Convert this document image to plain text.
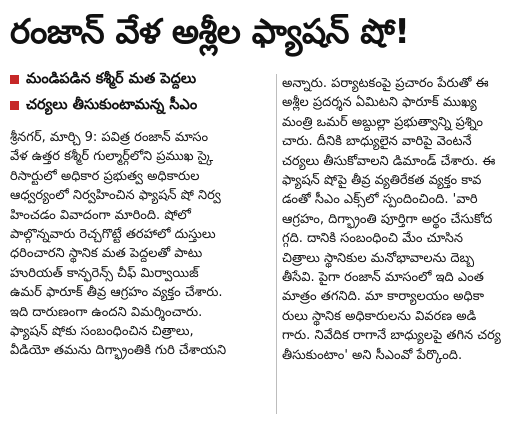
రంజాన్ వేళ అశ్లీల ఫ్యాషన్ షో!
మండిపడిన కశ్మీర్ మత పెద్దలు
చర్యలు తీసుకుంటామన్న సీఎం

శ్రీనగర్, మార్చి 9: పవిత్ర రంజాన్ మాసం
వేళ ఉత్తర కశ్మీర్ గుల్మార్గ్‌లోని ప్రముఖ స్కై
రిసార్టులో అధికార ప్రభుత్వ అధికారుల
ఆధ్వర్యంలో నిర్వహించిన ఫ్యాషన్ షో నిర్వ
హించడం వివాదంగా మారింది. షోలో
పాల్గొన్నవారు రెచ్చగొట్టే తరహాలో దుస్తులు
ధరించారని స్థానిక మత పెద్దలతో పాటు
హురియత్ కాన్ఫరెన్స్ చీఫ్ మిర్వాయిజ్
ఉమర్ ఫారూక్ తీవ్ర ఆగ్రహం వ్యక్తం చేశారు.
ఇది దారుణంగా ఉందని విమర్శించారు.
ఫ్యాషన్ షోకు సంబంధించిన చిత్రాలు,
వీడియో తమను దిగ్భ్రాంతికి గురి చేశాయని

అన్నారు. పర్యాటకంపై ప్రచారం పేరుతో ఈ
అశ్లీల ప్రదర్శన ఏమిటని ఫారూక్ ముఖ్య
మంత్రి ఒమర్ అబ్దుల్లా ప్రభుత్వాన్ని ప్రశ్నిం
చారు. దీనికి బాధ్యులైన వారిపై వెంటనే
చర్యలు తీసుకోవాలని డిమాండ్ చేశారు. ఈ
ఫ్యాషన్ షోపై తీవ్ర వ్యతిరేకత వ్యక్తం కావ
డంతో సీఎం ఎక్స్‌లో స్పందించింది. 'వారి
ఆగ్రహం, దిగ్భ్రాంతి పూర్తిగా అర్థం చేసుకోద
గ్గది. దానికి సంబంధించి మేం చూసిన
చిత్రాలు స్థానికుల మనోభావాలను దెబ్బ
తీసేవి. పైగా రంజాన్ మాసంలో ఇది ఎంత
మాత్రం తగనిది. మా కార్యాలయం అధికా
రులు స్థానిక అధికారులను వివరణ అడి
గారు. నివేదిక రాగానే బాధ్యులపై తగిన చర్య
తీసుకుంటాం' అని సీఎంవో పేర్కొంది.
